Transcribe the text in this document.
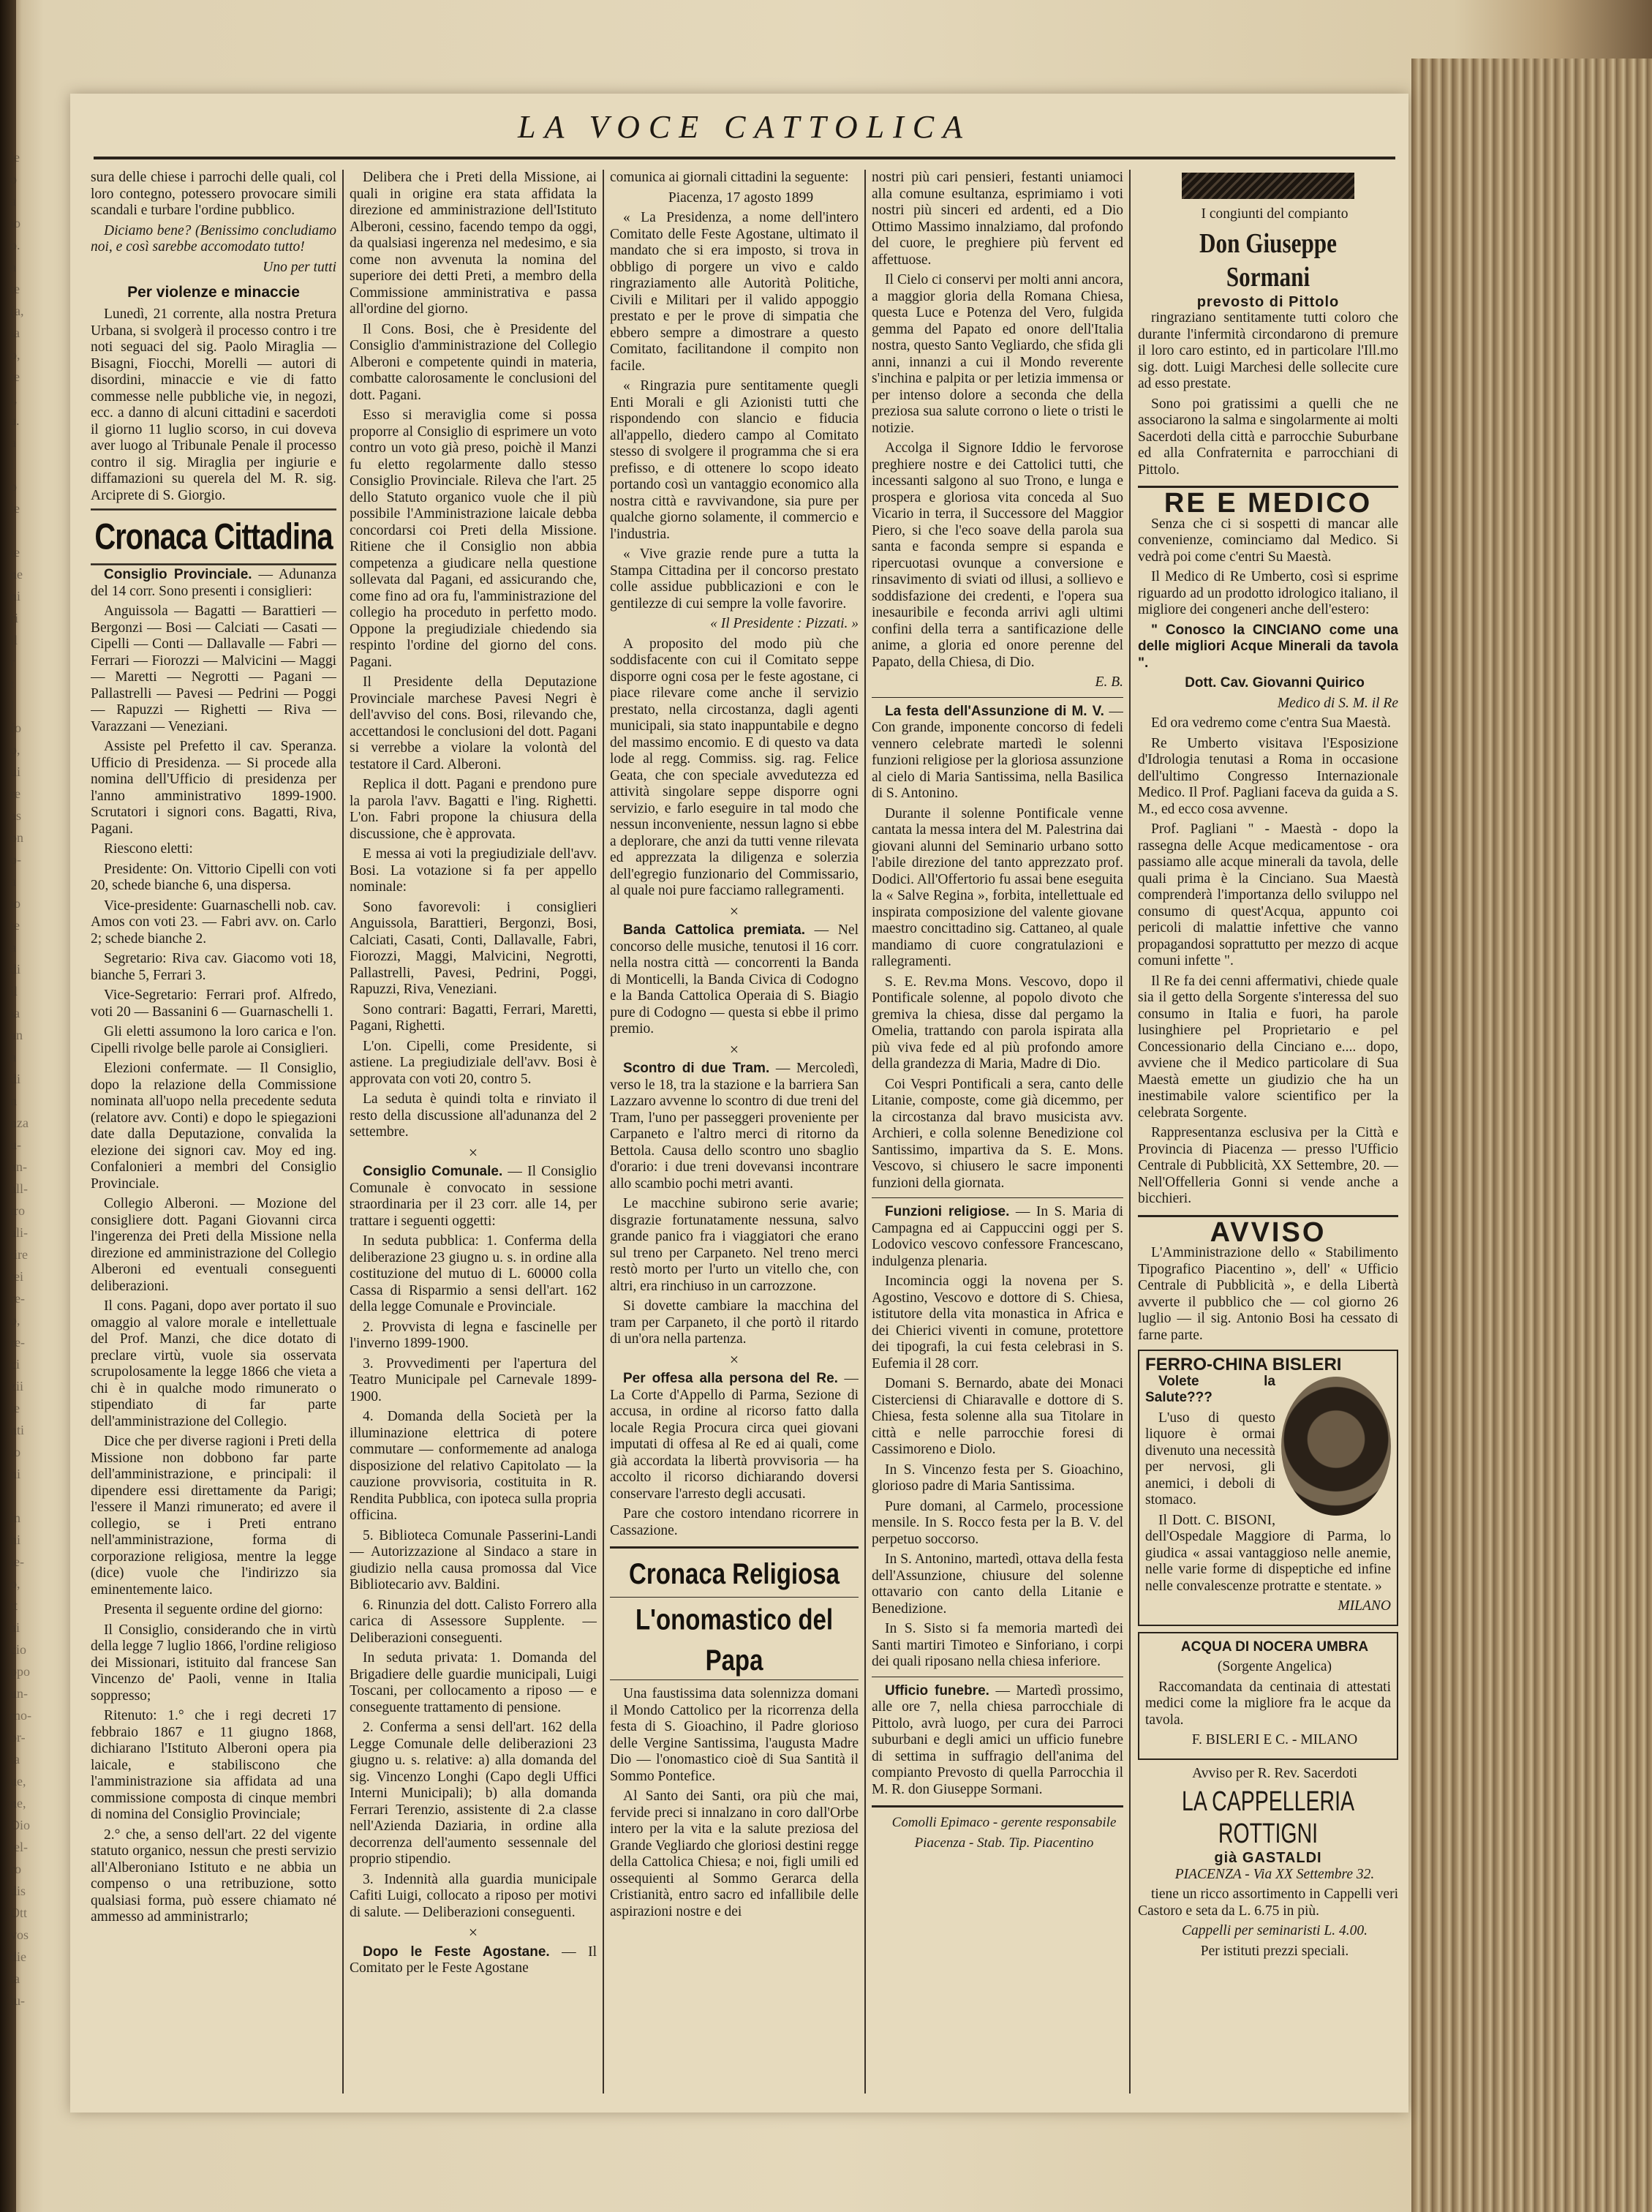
le
o
a
io
o.
a
te
(a,
la
o,
te
i,
a.
a
i
o
le
i
te
ne
ni
ri
il
r
t
l
fo
o,
ui
re
as
on
o-
a
io
te
a
di
il
ia
an
a
di
n
nza
u-
an-
all-
tro
ali-
tire
tei
re-
o,
re-
ci
zii
le
nti
lo
ni
i
in
hi
ie-
o,
tt
ai
cio
ppo
un-
mo-
or-
ia
ue,
ne,
Dio
iel-
ro
dis
Ott
vos
die
ta
lu-
LA VOCE CATTOLICA

sura delle chiese i parrochi delle quali, col loro contegno, potessero provocare simili scandali e turbare l'ordine pubblico.

Diciamo bene? (Benissimo concludiamo noi, e così sarebbe accomodato tutto!

Uno per tutti

Per violenze e minaccie

Lunedì, 21 corrente, alla nostra Pretura Urbana, si svolgerà il processo contro i tre noti seguaci del sig. Paolo Miraglia — Bisagni, Fiocchi, Morelli — autori di disordini, minaccie e vie di fatto commesse nelle pubbliche vie, in negozi, ecc. a danno di alcuni cittadini e sacerdoti il giorno 11 luglio scorso, in cui doveva aver luogo al Tribunale Penale il processo contro il sig. Miraglia per ingiurie e diffamazioni su querela del M. R. sig. Arciprete di S. Giorgio.

Cronaca Cittadina

Consiglio Provinciale. — Adunanza del 14 corr. Sono presenti i consiglieri:

Anguissola — Bagatti — Barattieri — Bergonzi — Bosi — Calciati — Casati — Cipelli — Conti — Dallavalle — Fabri — Ferrari — Fiorozzi — Malvicini — Maggi — Maretti — Negrotti — Pagani — Pallastrelli — Pavesi — Pedrini — Poggi — Rapuzzi — Righetti — Riva — Varazzani — Veneziani.

Assiste pel Prefetto il cav. Speranza. Ufficio di Presidenza. — Si procede alla nomina dell'Ufficio di presidenza per l'anno amministrativo 1899-1900. Scrutatori i signori cons. Bagatti, Riva, Pagani.

Riescono eletti:

Presidente: On. Vittorio Cipelli con voti 20, schede bianche 6, una dispersa.

Vice-presidente: Guarnaschelli nob. cav. Amos con voti 23. — Fabri avv. on. Carlo 2; schede bianche 2.

Segretario: Riva cav. Giacomo voti 18, bianche 5, Ferrari 3.

Vice-Segretario: Ferrari prof. Alfredo, voti 20 — Bassanini 6 — Guarnaschelli 1.

Gli eletti assumono la loro carica e l'on. Cipelli rivolge belle parole ai Consiglieri.

Elezioni confermate. — Il Consiglio, dopo la relazione della Commissione nominata all'uopo nella precedente seduta (relatore avv. Conti) e dopo le spiegazioni date dalla Deputazione, convalida la elezione dei signori cav. Moy ed ing. Confalonieri a membri del Consiglio Provinciale.

Collegio Alberoni. — Mozione del consigliere dott. Pagani Giovanni circa l'ingerenza dei Preti della Missione nella direzione ed amministrazione del Collegio Alberoni ed eventuali conseguenti deliberazioni.

Il cons. Pagani, dopo aver portato il suo omaggio al valore morale e intellettuale del Prof. Manzi, che dice dotato di preclare virtù, vuole sia osservata scrupolosamente la legge 1866 che vieta a chi è in qualche modo rimunerato o stipendiato di far parte dell'amministrazione del Collegio.

Dice che per diverse ragioni i Preti della Missione non dobbono far parte dell'amministrazione, e principali: il dipendere essi direttamente da Parigi; l'essere il Manzi rimunerato; ed avere il collegio, se i Preti entrano nell'amministrazione, forma di corporazione religiosa, mentre la legge (dice) vuole che l'indirizzo sia eminentemente laico.

Presenta il seguente ordine del giorno:

Il Consiglio, considerando che in virtù della legge 7 luglio 1866, l'ordine religioso dei Missionari, istituito dal francese San Vincenzo de' Paoli, venne in Italia soppresso;

Ritenuto: 1.° che i regi decreti 17 febbraio 1867 e 11 giugno 1868, dichiarano l'Istituto Alberoni opera pia laicale, e stabiliscono che l'amministrazione sia affidata ad una commissione composta di cinque membri di nomina del Consiglio Provinciale;

2.° che, a senso dell'art. 22 del vigente statuto organico, nessun che presti servizio all'Alberoniano Istituto e ne abbia un compenso o una retribuzione, sotto qualsiasi forma, può essere chiamato né ammesso ad amministrarlo;

Delibera che i Preti della Missione, ai quali in origine era stata affidata la direzione ed amministrazione dell'Istituto Alberoni, cessino, facendo tempo da oggi, da qualsiasi ingerenza nel medesimo, e sia come non avvenuta la nomina del superiore dei detti Preti, a membro della Commissione amministrativa e passa all'ordine del giorno.

Il Cons. Bosi, che è Presidente del Consiglio d'amministrazione del Collegio Alberoni e competente quindi in materia, combatte calorosamente le conclusioni del dott. Pagani.

Esso si meraviglia come si possa proporre al Consiglio di esprimere un voto contro un voto già preso, poichè il Manzi fu eletto regolarmente dallo stesso Consiglio Provinciale. Rileva che l'art. 25 dello Statuto organico vuole che il più possibile l'Amministrazione laicale debba concordarsi coi Preti della Missione. Ritiene che il Consiglio non abbia competenza a giudicare nella questione sollevata dal Pagani, ed assicurando che, come fino ad ora fu, l'amministrazione del collegio ha proceduto in perfetto modo. Oppone la pregiudiziale chiedendo sia respinto l'ordine del giorno del cons. Pagani.

Il Presidente della Deputazione Provinciale marchese Pavesi Negri è dell'avviso del cons. Bosi, rilevando che, accettandosi le conclusioni del dott. Pagani si verrebbe a violare la volontà del testatore il Card. Alberoni.

Replica il dott. Pagani e prendono pure la parola l'avv. Bagatti e l'ing. Righetti. L'on. Fabri propone la chiusura della discussione, che è approvata.

E messa ai voti la pregiudiziale dell'avv. Bosi. La votazione si fa per appello nominale:

Sono favorevoli: i consiglieri Anguissola, Barattieri, Bergonzi, Bosi, Calciati, Casati, Conti, Dallavalle, Fabri, Fiorozzi, Maggi, Malvicini, Negrotti, Pallastrelli, Pavesi, Pedrini, Poggi, Rapuzzi, Riva, Veneziani.

Sono contrari: Bagatti, Ferrari, Maretti, Pagani, Righetti.

L'on. Cipelli, come Presidente, si astiene. La pregiudiziale dell'avv. Bosi è approvata con voti 20, contro 5.

La seduta è quindi tolta e rinviato il resto della discussione all'adunanza del 2 settembre.

×

Consiglio Comunale. — Il Consiglio Comunale è convocato in sessione straordinaria per il 23 corr. alle 14, per trattare i seguenti oggetti:

In seduta pubblica: 1. Conferma della deliberazione 23 giugno u. s. in ordine alla costituzione del mutuo di L. 60000 colla Cassa di Risparmio a sensi dell'art. 162 della legge Comunale e Provinciale.

2. Provvista di legna e fascinelle per l'inverno 1899-1900.

3. Provvedimenti per l'apertura del Teatro Municipale pel Carnevale 1899-1900.

4. Domanda della Società per la illuminazione elettrica di potere commutare — conformemente ad analoga disposizione del relativo Capitolato — la cauzione provvisoria, costituita in R. Rendita Pubblica, con ipoteca sulla propria officina.

5. Biblioteca Comunale Passerini-Landi — Autorizzazione al Sindaco a stare in giudizio nella causa promossa dal Vice Bibliotecario avv. Baldini.

6. Rinunzia del dott. Calisto Forrero alla carica di Assessore Supplente. — Deliberazioni conseguenti.

In seduta privata: 1. Domanda del Brigadiere delle guardie municipali, Luigi Toscani, per collocamento a riposo — e conseguente trattamento di pensione.

2. Conferma a sensi dell'art. 162 della Legge Comunale delle deliberazioni 23 giugno u. s. relative: a) alla domanda del sig. Vincenzo Longhi (Capo degli Uffici Interni Municipali); b) alla domanda Ferrari Terenzio, assistente di 2.a classe nell'Azienda Daziaria, in ordine alla decorrenza dell'aumento sessennale del proprio stipendio.

3. Indennità alla guardia municipale Cafiti Luigi, collocato a riposo per motivi di salute. — Deliberazioni conseguenti.

×

Dopo le Feste Agostane. — Il Comitato per le Feste Agostane

comunica ai giornali cittadini la seguente:

Piacenza, 17 agosto 1899

« La Presidenza, a nome dell'intero Comitato delle Feste Agostane, ultimato il mandato che si era imposto, si trova in obbligo di porgere un vivo e caldo ringraziamento alle Autorità Politiche, Civili e Militari per il valido appoggio prestato e per le prove di simpatia che ebbero sempre a dimostrare a questo Comitato, facilitandone il compito non facile.

« Ringrazia pure sentitamente quegli Enti Morali e gli Azionisti tutti che rispondendo con slancio e fiducia all'appello, diedero campo al Comitato stesso di svolgere il programma che si era prefisso, e di ottenere lo scopo ideato portando così un vantaggio economico alla nostra città e ravvivandone, sia pure per qualche giorno solamente, il commercio e l'industria.

« Vive grazie rende pure a tutta la Stampa Cittadina per il concorso prestato colle assidue pubblicazioni e con le gentilezze di cui sempre la volle favorire.

« Il Presidente : Pizzati. »

A proposito del modo più che soddisfacente con cui il Comitato seppe disporre ogni cosa per le feste agostane, ci piace rilevare come anche il servizio prestato, nella circostanza, dagli agenti municipali, sia stato inappuntabile e degno del massimo encomio. E di questo va data lode al regg. Commiss. sig. rag. Felice Geata, che con speciale avvedutezza ed attività singolare seppe disporre ogni servizio, e farlo eseguire in tal modo che nessun inconveniente, nessun lagno si ebbe a deplorare, che anzi da tutti venne rilevata ed apprezzata la diligenza e solerzia dell'egregio funzionario del Commissario, al quale noi pure facciamo rallegramenti.

×

Banda Cattolica premiata. — Nel concorso delle musiche, tenutosi il 16 corr. nella nostra città — concorrenti la Banda di Monticelli, la Banda Civica di Codogno e la Banda Cattolica Operaia di S. Biagio pure di Codogno — questa si ebbe il primo premio.

×

Scontro di due Tram. — Mercoledì, verso le 18, tra la stazione e la barriera San Lazzaro avvenne lo scontro di due treni del Tram, l'uno per passeggeri proveniente per Carpaneto e l'altro merci di ritorno da Bettola. Causa dello scontro uno sbaglio d'orario: i due treni dovevansi incontrare allo scambio pochi metri avanti.

Le macchine subirono serie avarie; disgrazie fortunatamente nessuna, salvo grande panico fra i viaggiatori che erano sul treno per Carpaneto. Nel treno merci restò morto per l'urto un vitello che, con altri, era rinchiuso in un carrozzone.

Si dovette cambiare la macchina del tram per Carpaneto, il che portò il ritardo di un'ora nella partenza.

×

Per offesa alla persona del Re. — La Corte d'Appello di Parma, Sezione di accusa, in ordine al ricorso fatto dalla locale Regia Procura circa quei giovani imputati di offesa al Re ed ai quali, come già accordata la libertà provvisoria — ha accolto il ricorso dichiarando doversi conservare l'arresto degli accusati.

Pare che costoro intendano ricorrere in Cassazione.

Cronaca Religiosa
L'onomastico del Papa

Una faustissima data solennizza domani il Mondo Cattolico per la ricorrenza della festa di S. Gioachino, il Padre glorioso delle Vergine Santissima, l'augusta Madre Dio — l'onomastico cioè di Sua Santità il Sommo Pontefice.

Al Santo dei Santi, ora più che mai, fervide preci si innalzano in coro dall'Orbe intero per la vita e la salute preziosa del Grande Vegliardo che gloriosi destini regge della Cattolica Chiesa; e noi, figli umili ed ossequienti al Sommo Gerarca della Cristianità, entro sacro ed infallibile delle aspirazioni nostre e dei

nostri più cari pensieri, festanti uniamoci alla comune esultanza, esprimiamo i voti nostri più sinceri ed ardenti, ed a Dio Ottimo Massimo innalziamo, dal profondo del cuore, le preghiere più fervent ed affettuose.

Il Cielo ci conservi per molti anni ancora, a maggior gloria della Romana Chiesa, questa Luce e Potenza del Vero, fulgida gemma del Papato ed onore dell'Italia nostra, questo Santo Vegliardo, che sfida gli anni, innanzi a cui il Mondo reverente s'inchina e palpita or per letizia immensa or per intenso dolore a seconda che della preziosa sua salute corrono o liete o tristi le notizie.

Accolga il Signore Iddio le fervorose preghiere nostre e dei Cattolici tutti, che incessanti salgono al suo Trono, e lunga e prospera e gloriosa vita conceda al Suo Vicario in terra, il Successore del Maggior Piero, si che l'eco soave della parola sua santa e faconda sempre si espanda e ripercuotasi ovunque a conversione e rinsavimento di sviati od illusi, a sollievo e soddisfazione dei credenti, e l'opera sua inesauribile e feconda arrivi agli ultimi confini della terra a santificazione delle anime, a gloria ed onore perenne del Papato, della Chiesa, di Dio.

E. B.

La festa dell'Assunzione di M. V. — Con grande, imponente concorso di fedeli vennero celebrate martedì le solenni funzioni religiose per la gloriosa assunzione al cielo di Maria Santissima, nella Basilica di S. Antonino.

Durante il solenne Pontificale venne cantata la messa intera del M. Palestrina dai giovani alunni del Seminario urbano sotto l'abile direzione del tanto apprezzato prof. Dodici. All'Offertorio fu assai bene eseguita la « Salve Regina », forbita, intellettuale ed inspirata composizione del valente giovane maestro concittadino sig. Cattaneo, al quale mandiamo di cuore congratulazioni e rallegramenti.

S. E. Rev.ma Mons. Vescovo, dopo il Pontificale solenne, al popolo divoto che gremiva la chiesa, disse dal pergamo la Omelia, trattando con parola ispirata alla più viva fede ed al più profondo amore della grandezza di Maria, Madre di Dio.

Coi Vespri Pontificali a sera, canto delle Litanie, composte, come già dicemmo, per la circostanza dal bravo musicista avv. Archieri, e colla solenne Benedizione col Santissimo, impartiva da S. E. Mons. Vescovo, si chiusero le sacre imponenti funzioni della giornata.

Funzioni religiose. — In S. Maria di Campagna ed ai Cappuccini oggi per S. Lodovico vescovo confessore Francescano, indulgenza plenaria.

Incomincia oggi la novena per S. Agostino, Vescovo e dottore di S. Chiesa, istitutore della vita monastica in Africa e dei Chierici viventi in comune, protettore dei tipografi, la cui festa celebrasi in S. Eufemia il 28 corr.

Domani S. Bernardo, abate dei Monaci Cisterciensi di Chiaravalle e dottore di S. Chiesa, festa solenne alla sua Titolare in città e nelle parrocchie foresi di Cassimoreno e Diolo.

In S. Vincenzo festa per S. Gioachino, glorioso padre di Maria Santissima.

Pure domani, al Carmelo, processione mensile. In S. Rocco festa per la B. V. del perpetuo soccorso.

In S. Antonino, martedì, ottava della festa dell'Assunzione, chiusure del solenne ottavario con canto della Litanie e Benedizione.

In S. Sisto si fa memoria martedì dei Santi martiri Timoteo e Sinforiano, i corpi dei quali riposano nella chiesa inferiore.

Ufficio funebre. — Martedì prossimo, alle ore 7, nella chiesa parrocchiale di Pittolo, avrà luogo, per cura dei Parroci suburbani e degli amici un ufficio funebre di settima in suffragio dell'anima del compianto Prevosto di quella Parrocchia il M. R. don Giuseppe Sormani.

Comolli Epimaco - gerente responsabile

Piacenza - Stab. Tip. Piacentino

I congiunti del compianto

Don Giuseppe Sormani
prevosto di Pittolo

ringraziano sentitamente tutti coloro che durante l'infermità circondarono di premure il loro caro estinto, ed in particolare l'Ill.mo sig. dott. Luigi Marchesi delle sollecite cure ad esso prestate.

Sono poi gratissimi a quelli che ne associarono la salma e singolarmente ai molti Sacerdoti della città e parrocchie Suburbane ed alla Confraternita e parrocchiani di Pittolo.

RE E MEDICO

Senza che ci si sospetti di mancar alle convenienze, cominciamo dal Medico. Si vedrà poi come c'entri Su Maestà.

Il Medico di Re Umberto, così si esprime riguardo ad un prodotto idrologico italiano, il migliore dei congeneri anche dell'estero:

" Conosco la CINCIANO come una delle migliori Acque Minerali da tavola ".

Dott. Cav. Giovanni Quirico

Medico di S. M. il Re

Ed ora vedremo come c'entra Sua Maestà.

Re Umberto visitava l'Esposizione d'Idrologia tenutasi a Roma in occasione dell'ultimo Congresso Internazionale Medico. Il Prof. Pagliani faceva da guida a S. M., ed ecco cosa avvenne.

Prof. Pagliani " - Maestà - dopo la rassegna delle Acque medicamentose - ora passiamo alle acque minerali da tavola, delle quali prima è la Cinciano. Sua Maestà comprenderà l'importanza dello sviluppo nel consumo di quest'Acqua, appunto coi pericoli di malattie infettive che vanno propagandosi soprattutto per mezzo di acque comuni infette ".

Il Re fa dei cenni affermativi, chiede quale sia il getto della Sorgente s'interessa del suo consumo in Italia e fuori, ha parole lusinghiere pel Proprietario e pel Concessionario della Cinciano e.... dopo, avviene che il Medico particolare di Sua Maestà emette un giudizio che ha un inestimabile valore scientifico per la celebrata Sorgente.

Rappresentanza esclusiva per la Città e Provincia di Piacenza — presso l'Ufficio Centrale di Pubblicità, XX Settembre, 20. — Nell'Offelleria Gonni si vende anche a bicchieri.

AVVISO

L'Amministrazione dello « Stabilimento Tipografico Piacentino », dell' « Ufficio Centrale di Pubblicità », e della Libertà avverte il pubblico che — col giorno 26 luglio — il sig. Antonio Bosi ha cessato di farne parte.

FERRO-CHINA BISLERI

Volete la Salute???

L'uso di questo liquore è ormai divenuto una necessità per nervosi, gli anemici, i deboli di stomaco.

Il Dott. C. BISONI, dell'Ospedale Maggiore di Parma, lo giudica « assai vantaggioso nelle anemie, nelle varie forme di dispeptiche ed infine nelle convalescenze protratte e stentate. »

MILANO

ACQUA DI NOCERA UMBRA

(Sorgente Angelica)

Raccomandata da centinaia di attestati medici come la migliore fra le acque da tavola.

F. BISLERI E C. - MILANO

Avviso per R. Rev. Sacerdoti

LA CAPPELLERIA ROTTIGNI
già GASTALDI

PIACENZA - Via XX Settembre 32.

tiene un ricco assortimento in Cappelli veri Castoro e seta da L. 6.75 in più.

Cappelli per seminaristi L. 4.00.

Per istituti prezzi speciali.
